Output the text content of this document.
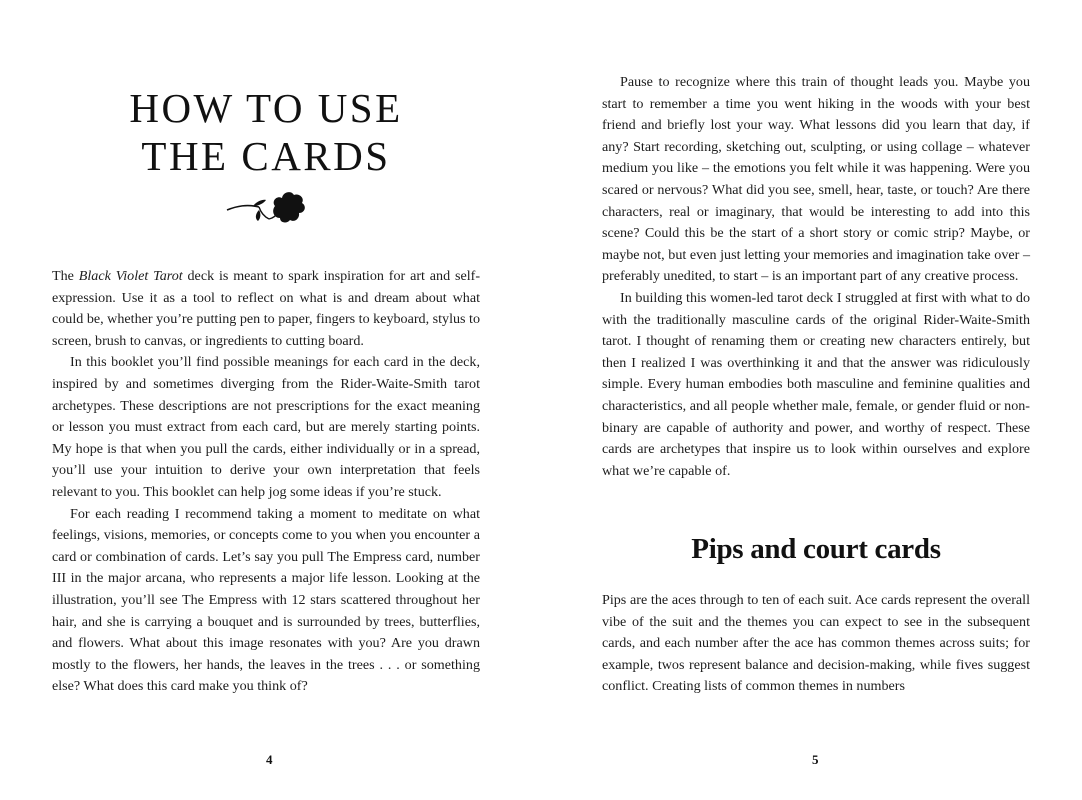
HOW TO USE
THE CARDS

The Black Violet Tarot deck is meant to spark inspiration for art and self-expression. Use it as a tool to reflect on what is and dream about what could be, whether you’re putting pen to paper, fingers to keyboard, stylus to screen, brush to canvas, or ingredients to cutting board.

In this booklet you’ll find possible meanings for each card in the deck, inspired by and sometimes diverging from the Rider-Waite-Smith tarot archetypes. These descriptions are not prescriptions for the exact meaning or lesson you must extract from each card, but are merely starting points. My hope is that when you pull the cards, either individually or in a spread, you’ll use your intuition to derive your own interpretation that feels relevant to you. This booklet can help jog some ideas if you’re stuck.

For each reading I recommend taking a moment to meditate on what feelings, visions, memories, or concepts come to you when you encounter a card or combination of cards. Let’s say you pull The Empress card, number III in the major arcana, who represents a major life lesson. Looking at the illustration, you’ll see The Empress with 12 stars scattered throughout her hair, and she is carrying a bouquet and is surrounded by trees, butterflies, and flowers. What about this image resonates with you? Are you drawn mostly to the flowers, her hands, the leaves in the trees . . . or something else? What does this card make you think of?

4

Pause to recognize where this train of thought leads you. Maybe you start to remember a time you went hiking in the woods with your best friend and briefly lost your way. What lessons did you learn that day, if any? Start recording, sketching out, sculpting, or using collage – whatever medium you like – the emotions you felt while it was happening. Were you scared or nervous? What did you see, smell, hear, taste, or touch? Are there characters, real or imaginary, that would be interesting to add into this scene? Could this be the start of a short story or comic strip? Maybe, or maybe not, but even just letting your memories and imagination take over – preferably unedited, to start – is an important part of any creative process.

In building this women-led tarot deck I struggled at first with what to do with the traditionally masculine cards of the original Rider-Waite-Smith tarot. I thought of renaming them or creating new characters entirely, but then I realized I was overthinking it and that the answer was ridiculously simple. Every human embodies both masculine and feminine qualities and characteristics, and all people whether male, female, or gender fluid or non-binary are capable of authority and power, and worthy of respect. These cards are archetypes that inspire us to look within ourselves and explore what we’re capable of.

Pips and court cards

Pips are the aces through to ten of each suit. Ace cards represent the overall vibe of the suit and the themes you can expect to see in the subsequent cards, and each number after the ace has common themes across suits; for example, twos represent balance and decision-making, while fives suggest conflict. Creating lists of common themes in numbers

5
